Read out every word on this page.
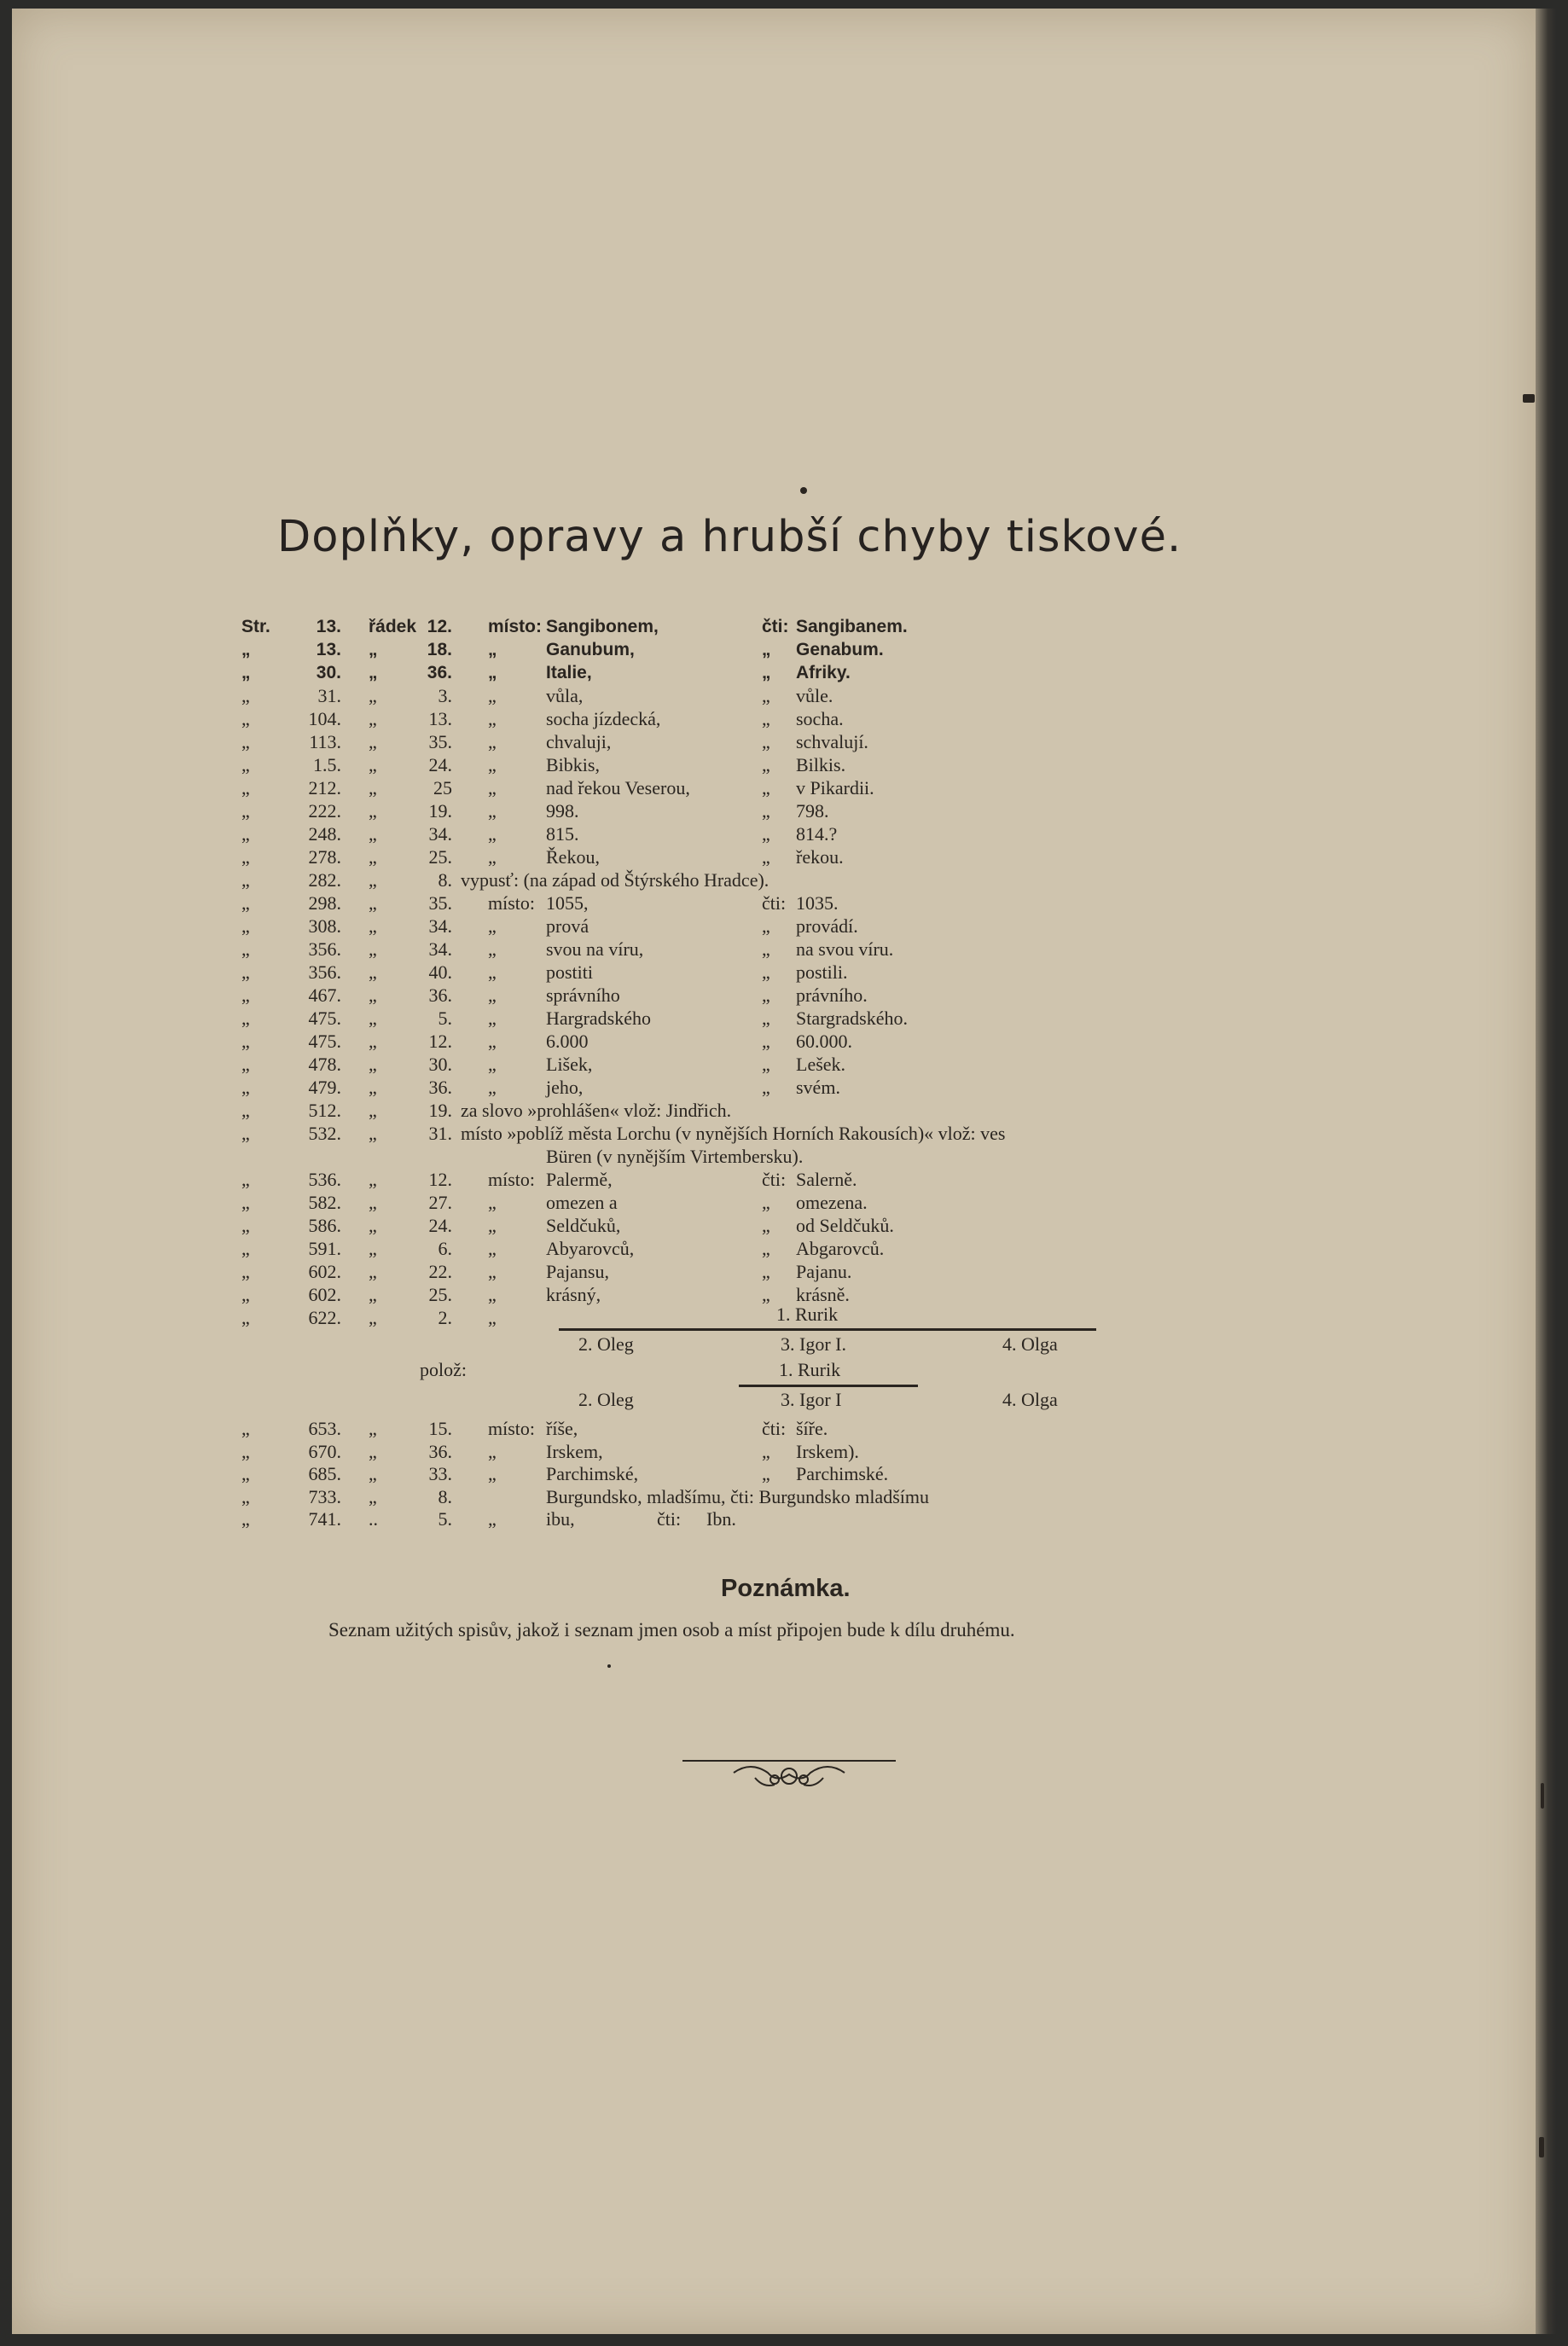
Doplňky, opravy a hrubší chyby tiskové.
Str.	13. řádek 12. místo: Sangibonem,	čti: Sangibanem.
„	13. „	18. „	Ganubum,	„ Genabum.
„	30. „	36. „	Italie,	„ Afriky.
„	31. „	3. „	vůla,	„ vůle.
„	104. „	13. „	socha jízdecká,	„ socha.
„	113. „	35. „	chvaluji,	„ schvalují.
„	1.5. „	24. „	Bibkis,	„ Bilkis.
„	212. „	25 „	nad řekou Veserou,	„ v Pikardii.
„	222. „	19. „	998.	„ 798.
„	248. „	34. „	815.	„ 814.?
„	278. „	25. „	Řekou,	„ řekou.
„	282. „	8. vypusť: (na západ od Štýrského Hradce).
„	298. „	35. místo: 1055,	čti: 1035.
„	308. „	34. „	prová	„ provádí.
„	356. „	34. „	svou na víru,	„ na svou víru.
„	356. „	40. „	postiti	„ postili.
„	467. „	36. „	správního	„ právního.
„	475. „	5. „	Hargradského	„ Stargradského.
„	475. „	12. „	6.000	„ 60.000.
„	478. „	30. „	Lišek,	„ Lešek.
„	479. „	36. „	jeho,	„ svém.
„	512. „	19. za slovo »prohlášen« vlož: Jindřich.
„	532. „	31. místo »poblíž města Lorchu (v nynějších Horních Rakousích)« vlož: ves
Büren (v nynějším Virtembersku).
„	536. „	12. místo: Palermě,	čti: Salerně.
„	582. „	27. „	omezen a	„ omezena.
„	586. „	24. „	Seldčuků,	„ od Seldčuků.
„	591. „	6. „	Abyarovců,	„ Abgarovců.
„	602. „	22. „	Pajansu,	„ Pajanu.
„	602. „	25. „	krásný,	„ krásně.
„	622. „	2. „	1. Rurik
2. Oleg	3. Igor I.	4. Olga
polož:	1. Rurik
2. Oleg	3. Igor I	4. Olga
„	653. „	15. místo: říše,	čti: šíře.
„	670. „	36. „	Irskem,	„ Irskem).
„	685. „	33. „	Parchimské,	„ Parchimské.
„	733. „	8.	Burgundsko, mladšímu, čti: Burgundsko mladšímu
„	741. ..	5. „	ibu,	čti: Ibn.
Poznámka.
Seznam užitých spisův, jakož i seznam jmen osob a míst připojen bude k dílu druhému.
